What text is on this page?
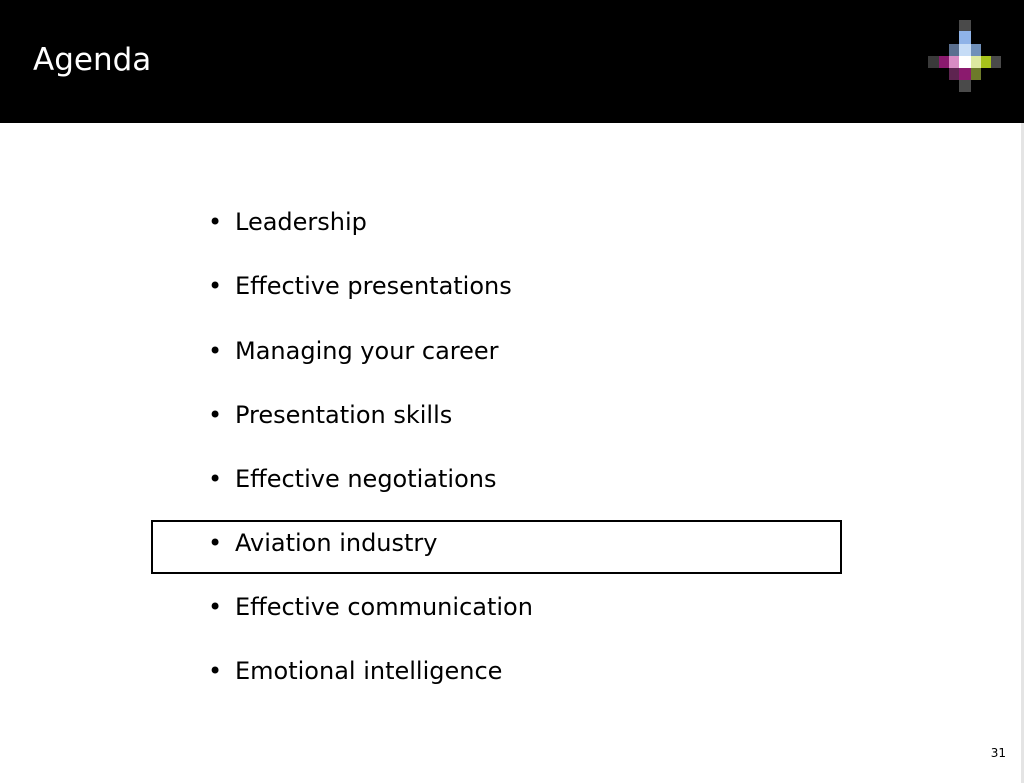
Agenda
• Leadership
• Effective presentations
• Managing your career
• Presentation skills
• Effective negotiations
• Aviation industry
• Effective communication
• Emotional intelligence
31
